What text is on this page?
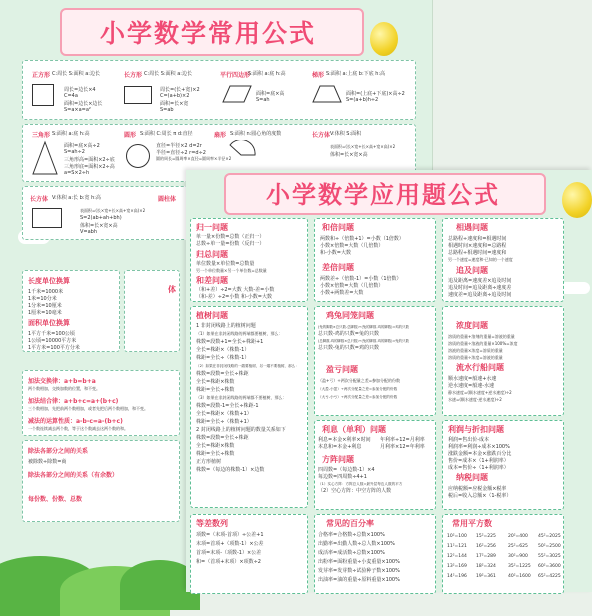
小学数学常用公式
正方形 C:周长 S:面积 a:边长
周长=边长×4
C=4a
面积=边长×边长
S=a×a=a²
长方形 C:周长 S:面积 a:边长
周长=(长+宽)×2
C=(a+b)×2
面积=长×宽
S=ab
平行四边形
S:面积 a:底 h:高
面积=底×高
S=ah
梯形 S:面积 a:上底 b:下底 h:高
面积=(上底+下底)×高÷2
S=(a+b)h÷2
三角形 S:面积 a:底 h:高
面积=底×高÷2
S=ah÷2
三角形高=面积×2÷底
三角形底=面积×2÷高
a=S×2÷h
圆形 S:面积 C:周长 π d:直径
直径=半径×2 d=2r
半径=直径÷2 r=d÷2
圆的周长=圆周率×直径=圆周率×半径×2
扇形 S:面积 n:圆心角的度数	长方体 V:体积 S:面积
表面积=(长×宽+长×高+宽×高)×2
体积=长×宽×高
长方体 V:体积 a:长 b:宽 h:高
表面积=(长×宽+长×高+宽×高)×2
S=2(ab+ah+bh)
体积=长×宽×高
V=abh
圆柱体
长度单位换算
1千米=1000米
1米=10分米
1分米=10厘米
1厘米=10毫米
面积单位换算
1平方千米=100公顷
1公顷=10000平方米
1平方米=100平方分米
体
加法交换律：a+b=b+a
两个数相加，交换加数的位置，和不变。
加法结合律：a+b+c=a+(b+c)
三个数相加，先把前两个数相加，或者先把后两个数相加，和不变。
减法的运算性质：a-b-c=a-(b+c)
一个数连续减去两个数，等于这个数减去这两个数的和。
除法各部分之间的关系
被除数÷除数=商
除法各部分之间的关系（有余数）
每份数、份数、总数
小学数学应用题公式
归一问题
单一量×份数=总数（正归一）
总数÷单一量=份数（反归一）
归总问题
单位数量×单位数=总数量
另一个单位数量×另一个单位数=总数量
和差问题
（和+差）÷2=大数 大数-差=小数
（和-差）÷2=小数 和-小数=大数
和倍问题
两数和÷（倍数+1）=小数（1倍数）
小数×倍数=大数（几倍数）
和-小数=大数
差倍问题
两数差÷（倍数-1）=小数（1倍数）
小数×倍数=大数（几倍数）
小数+两数差=大数
相遇问题
总路程÷速度和=相遇时间
相遇时间×速度和=总路程
总路程÷相遇时间=速度和
另一个速度=速度和-已知的一个速度
追及问题
追及距离=速度差×追及时间
追及时间=追及距离÷速度差
速度差=追及距离÷追及时间
植树问题
1 非封闭线路上的植树问题
（1）如果在非封闭线路的两端都要植树，那么：
株数=段数+1=全长÷株距+1
全长=株距×（株数-1）
株距=全长÷（株数-1）
（2）如果在非封闭线路的一端要植树，另一端不要植树，那么：
株数=段数=全长÷株距
全长=株距×株数
株距=全长÷株数
（3）如果在非封闭线路的两端都不要植树，那么：
株数=段数-1=全长÷株距-1
全长=株距×（株数+1）
株距=全长÷（株数+1）
2 封闭线路上的植树问题的数量关系如下
株数=段数=全长÷株距
全长=株距×株数
株距=全长÷株数
正方形植树
株数=（每边的株数-1）×边数
鸡兔同笼问题
(兔的脚数×总只数-总脚数)÷(兔的脚数-鸡的脚数)=鸡的只数
总只数-鸡的只数=兔的只数
(总脚数-鸡的脚数×总只数)÷(兔的脚数-鸡的脚数)=兔的只数
总只数-兔的只数=鸡的只数
盈亏问题
（盈+亏）÷两次分配量之差=参加分配的份数
（大盈-小盈）÷两次分配量之差=参加分配的份数
（大亏-小亏）÷两次分配量之差=参加分配的份数
浓度问题
溶质的重量+溶剂的重量=溶液的重量
溶质的重量÷溶液的重量×100%=浓度
溶液的重量×浓度=溶质的重量
溶质的重量÷浓度=溶液的重量
流水行船问题
顺水速度=船速+水速
逆水速度=船速-水速
静水速度=(顺水速度+逆水速度)÷2
水速=(顺水速度-逆水速度)÷2
利息（单利）问题
利息=本金×利率×时间 年利率÷12=月利率
本息和=本金+利息	月利率×12=年利率
方阵问题
四周数=（每边数-1）×4
每边数=四周数÷4+1
（1）实心方阵：方阵总人数=最外层每边人数的平方
（2）空心方阵：中空方阵的人数
利润与折扣问题
利润=售出价-成本
利润率=利润÷成本×100%
涨跌金额=本金×涨跌百分比
售价=成本×（1+利润率）
成本=售价÷（1+利润率）
纳税问题
应纳税额=应税金额×税率
税后=收入总额×（1-税率）
等差数列
项数=（末项-首项）÷公差+1
末项=首项+（项数-1）×公差
首项=末项-（项数-1）×公差
和=（首项+末项）×项数÷2
常见的百分率
合格率=合格数÷总数×100%
出勤率=出勤人数÷总人数×100%
成活率=成活数÷总数×100%
出粉率=面粉重量÷小麦重量×100%
发芽率=发芽数÷试验种子数×100%
出油率=油的重量÷原料重量×100%
常用平方数
10²=100 15²=225	20²=400 45²=2025
11²=121 16²=256	25²=625 50²=2500
12²=144 17²=289	30²=900 55²=3025
13²=169 18²=324	35²=1225 60²=3600
14²=196 19²=361	40²=1600 65²=4225
